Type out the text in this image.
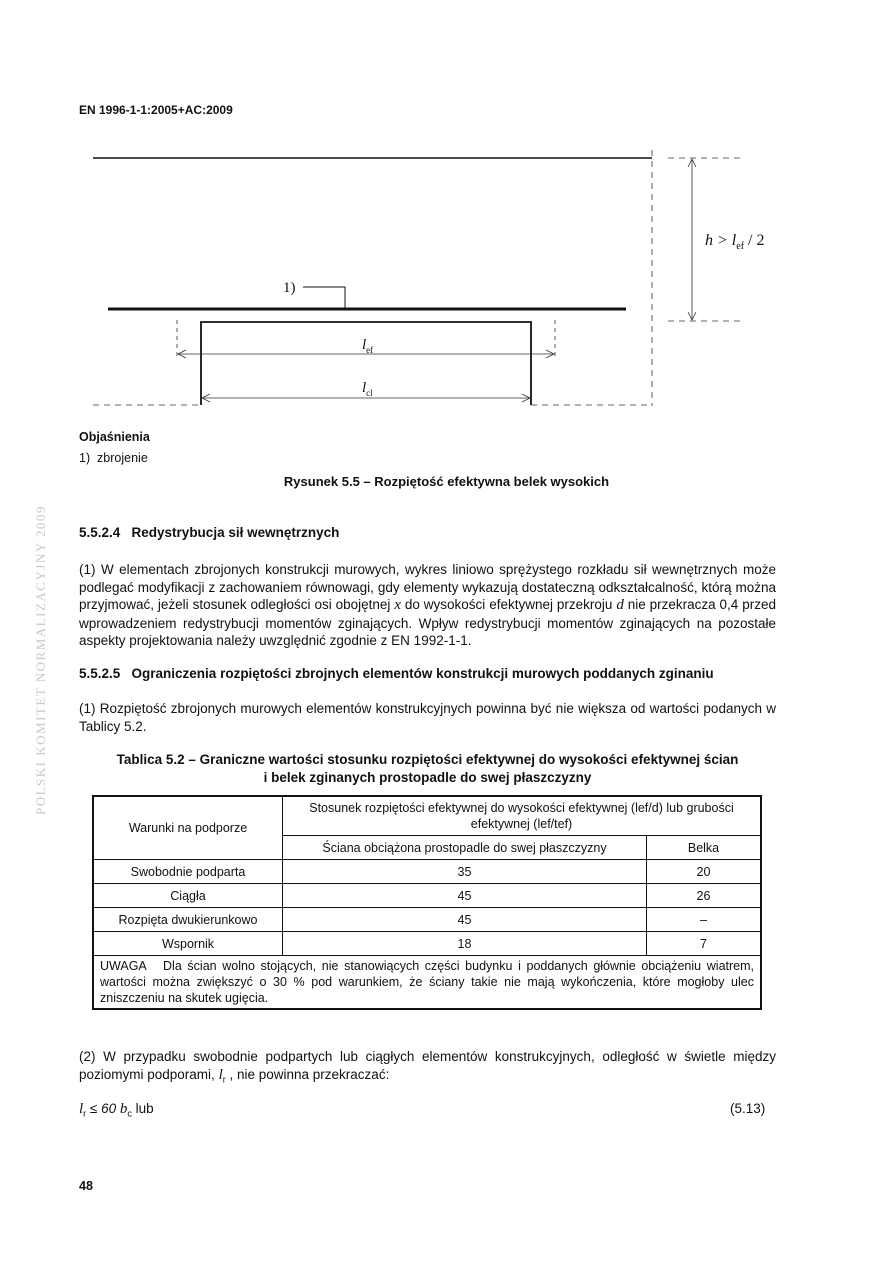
EN 1996-1-1:2005+AC:2009
POLSKI KOMITET NORMALIZACYJNY 2009
1)
$h > l_{ef} / 2$
$l_{ef}$
$l_{cl}$
Objaśnienia
1)  zbrojenie
Rysunek 5.5 – Rozpiętość efektywna belek wysokich
5.5.2.4   Redystrybucja sił wewnętrznych
(1) W elementach zbrojonych konstrukcji murowych, wykres liniowo sprężystego rozkładu sił wewnętrznych może podlegać modyfikacji z zachowaniem równowagi, gdy elementy wykazują dostateczną odkształcalność, którą można przyjmować, jeżeli stosunek odległości osi obojętnej x do wysokości efektywnej przekroju d nie przekracza 0,4 przed wprowadzeniem redystrybucji momentów zginających. Wpływ redystrybucji momentów zginających na pozostałe aspekty projektowania należy uwzględnić zgodnie z EN 1992-1-1.
5.5.2.5   Ograniczenia rozpiętości zbrojnych elementów konstrukcji murowych poddanych zginaniu
(1) Rozpiętość zbrojonych murowych elementów konstrukcyjnych powinna być nie większa od wartości podanych w Tablicy 5.2.
Tablica 5.2 – Graniczne wartości stosunku rozpiętości efektywnej do wysokości efektywnej ścian
i belek zginanych prostopadle do swej płaszczyzny
Warunki na podporze	Stosunek rozpiętości efektywnej do wysokości efektywnej (lef/d) lub grubości efektywnej (lef/tef)	
	Ściana obciążona prostopadle do swej płaszczyzny	Belka
Swobodnie podparta	35	20
Ciągła	45	26
Rozpięta dwukierunkowo	45	–
Wspornik	18	7
UWAGA   Dla ścian wolno stojących, nie stanowiących części budynku i poddanych głównie obciążeniu wiatrem, wartości można zwiększyć o 30 % pod warunkiem, że ściany takie nie mają wykończenia, które mogłoby ulec zniszczeniu na skutek ugięcia.		
(2) W przypadku swobodnie podpartych lub ciągłych elementów konstrukcyjnych, odległość w świetle między poziomymi podporami, $l_r$ , nie powinna przekraczać:
$l_r \le 60$ $b_c$ lub	(5.13)
48
